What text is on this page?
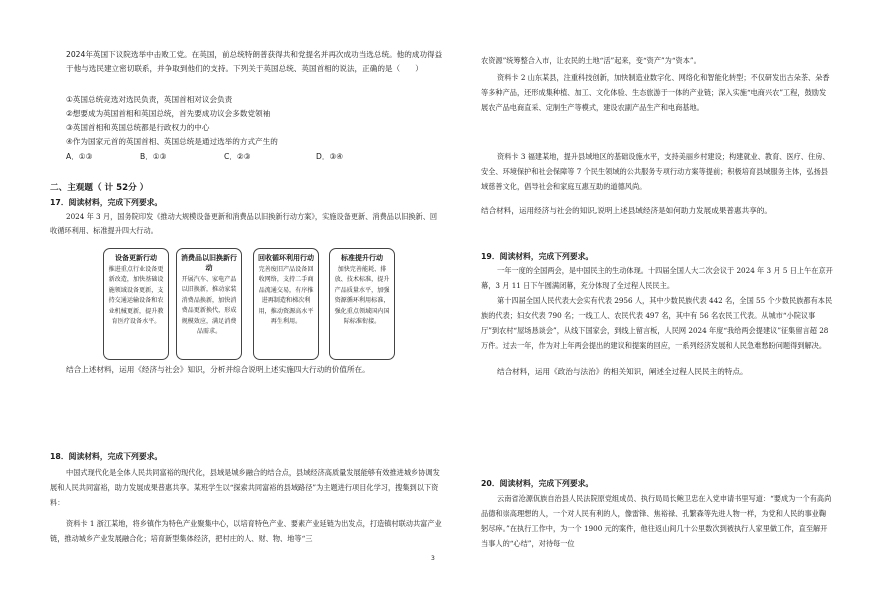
2024年英国下议院选举中击败工党。在英国，前总统特朗普获得共和党提名并再次成功当选总统。他的成功得益于他与选民建立密切联系，并争取到他们的支持。下列关于英国总统、英国首相的说法，正确的是（　　）

①英国总统竞选对选民负责，英国首相对议会负责

②想要成为英国首相和英国总统，首先要成功议会多数党领袖

③英国首相和英国总统都是行政权力的中心

④作为国家元首的英国首相、英国总统是通过选举的方式产生的

A．①③	B．①③	C．②③	D．③④

二、主观题（ 计 52分 ）

17．阅读材料，完成下列要求。

2024 年 3 月，国务院印发《推动大规模设备更新和消费品以旧换新行动方案》，实施设备更新、消费品以旧换新、回收循环利用、标准提升四大行动。

设备更新行动
推进重点行业设备更新改造，加快基础设施领域设备更新，支持交通运输设备和农业机械更新，提升教育医疗设备水平。
消费品以旧换新行动
开展汽车、家电产品以旧换新，推动家装消费品换新，加快消费品更新换代，形成规模效应，满足消费品需求。
回收循环利用行动
完善废旧产品设备回收网络，支持二手商品流通交易，有序推进再制造和梯次利用，推动资源高水平再生利用。
标准提升行动
加快完善能耗、排放、技术标准，提升产品质量水平，加强资源循环利用标准，强化重点领域国内国际标准衔接。

结合上述材料，运用《经济与社会》知识，分析并综合说明上述实施四大行动的价值所在。

18．阅读材料，完成下列要求。

中国式现代化是全体人民共同富裕的现代化，县域是城乡融合的结合点，县域经济高质量发展能够有效推进城乡协调发展和人民共同富裕，助力发展成果普惠共享。某班学生以“探索共同富裕的县域路径”为主题进行项目化学习，搜集到以下资料：

资料卡 1 浙江某地，将乡镇作为特色产业聚集中心，以培育特色产业、要素产业延链为出发点，打造镇村联动共富产业链，推动城乡产业发展融合化；培育新型集体经济，把村庄的人、财、物、地等“三

农资源”统筹整合入市，让农民的土地“活”起来，变“资产”为“资本”。

资料卡 2 山东某县，注重科技创新，加快制造业数字化、网络化和智能化转型；不仅研发出古朵茶、朵香等多种产品，还形成集种植、加工、文化体验、生态旅游于一体的产业链；深入实施“电商兴农”工程，鼓励发展农产品电商直采、定制生产等模式，建设农副产品生产和电商基地。

资料卡 3 福建某地，提升县域地区的基础设施水平，支持美丽乡村建设；构建就业、教育、医疗、住房、安全、环境保护和社会保障等 7 个民生领域的公共服务专项行动方案等提前；积极培育县域服务主体，弘扬县域慈善文化，倡导社会和家庭互惠互助的道德风尚。

结合材料，运用经济与社会的知识,说明上述县域经济是如何助力发展成果普惠共享的。

19．阅读材料，完成下列要求。

一年一度的全国两会，是中国民主的生动体现。十四届全国人大二次会议于 2024 年 3 月 5 日上午在京开幕，3 月 11 日下午圆满闭幕，充分体现了全过程人民民主。

第十四届全国人民代表大会实有代表 2956 人，其中少数民族代表 442 名，全国 55 个少数民族都有本民族的代表；妇女代表 790 名；一线工人、农民代表 497 名，其中有 56 名农民工代表。从城市“小院议事厅”到农村“屋场恳谈会”，从线下国家会，到线上留言板，人民网 2024 年度“我给两会提建议”征集留言超 28 万件。过去一年，作为对上年两会提出的建议和提案的回应，一系列经济发展和人民急难愁盼问题得到解决。

结合材料，运用《政治与法治》的相关知识，阐述全过程人民民主的特点。

20．阅读材料，完成下列要求。

云南省沧源佤族自治县人民法院原党组成员、执行局局长鲍卫忠在入党申请书里写道：“要成为一个有高尚品德和崇高理想的人，一个对人民有利的人，像雷锋、焦裕禄、孔繁森等先进人物一样，为党和人民的事业鞠躬尽瘁。”在执行工作中，为一个 1900 元的案件，他往返山间几十公里数次到被执行人家里做工作，直至解开当事人的“心结”，对待每一位

3
